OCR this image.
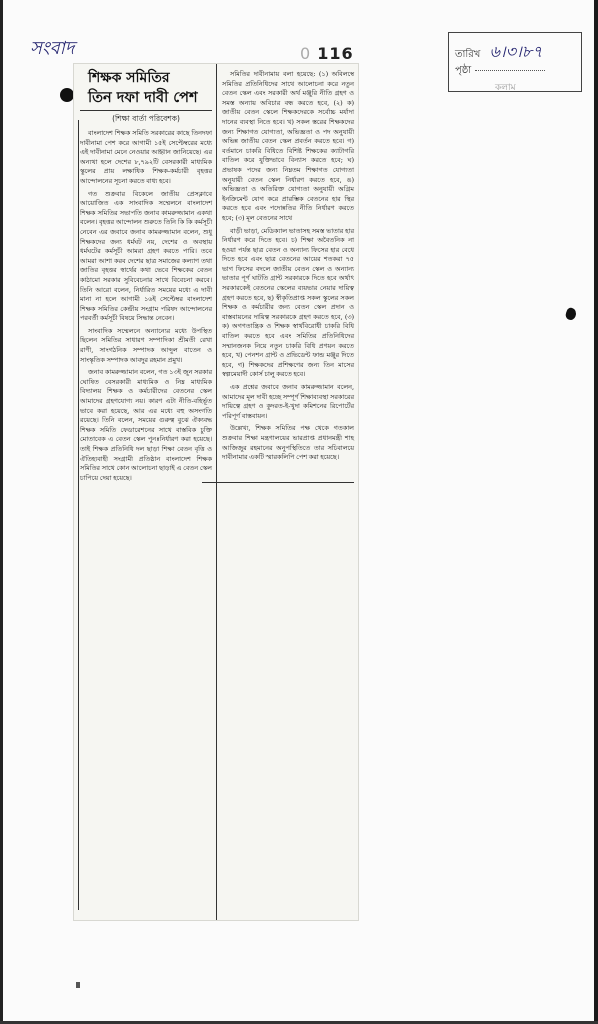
সংবাদ	0 116	তারিখ ৬।৩।৮৭
পৃষ্ঠা কলাম
শিক্ষক সমিতির
তিন দফা দাবী পেশ
(শিক্ষা বার্তা পরিবেশক)

বাংলাদেশ শিক্ষক সমিতি সরকারের কাছে তিনদফা দাবীনামা পেশ করে আগামী ১৫ই সেপ্টেম্বরের মধ্যে এই দাবীনামা মেনে নেওয়ার আহ্বান জানিয়েছে। এর অন্যথা হলে দেশের ৮,৭৯২টি বেসরকারী মাধ্যমিক স্কুলের প্রায় লক্ষাধিক শিক্ষক-কর্মচারী বৃহত্তর আন্দোলনের সূচনা করতে বাধ্য হবে।

গত শুক্রবার বিকেলে জাতীয় প্রেসক্লাবে আয়োজিত এক সাংবাদিক সম্মেলনে বাংলাদেশ শিক্ষক সমিতির সভাপতি জনাব কামরুজ্জামান একথা বলেন। বৃহত্তর আন্দোলন শুরুতে তিনি কি কি কর্মসূচী নেবেন এর জবাবে জনাব কামরুজ্জামান বলেন, শুধু শিক্ষকদের জন্য ধর্মঘট নয়, দেশের ও অবস্থায় ধর্মঘটের কর্মসূচী আমরা গ্রহণ করতে পারি। তবে আমরা আশা করব দেশের ছাত্র সমাজের কল্যাণ তথা জাতির বৃহত্তর স্বার্থের কথা ভেবে শিক্ষকের বেতন কাঠামো সরকার সুবিবেচনার সাথে বিবেচনা করবে। তিনি আরো বলেন, নির্ধারিত সময়ের মধ্যে এ দাবী মানা না হলে আগামী ১৬ই সেপ্টেম্বর বাংলাদেশ শিক্ষক সমিতির কেন্দ্রীয় সংগ্রাম পরিষদ আন্দোলনের পরবর্তী কর্মসূচী বিষয়ে সিদ্ধান্ত নেবেন।

সাংবাদিক সম্মেলনে অন্যান্যের মধ্যে উপস্থিত ছিলেন সমিতির সাধারণ সম্পাদিকা শ্রীমতী রেখা রাণী, সাংগঠনিক সম্পাদক আব্দুল বাতেন ও সাংস্কৃতিক সম্পাদক আবদুর রহমান প্রমুখ।

জনাব কামরুজ্জামান বলেন, গত ১৩ই জুন সরকার ঘোষিত বেসরকারী মাধ্যমিক ও নিম্ন মাধ্যমিক বিদ্যালয় শিক্ষক ও কর্মচারীদের বেতনের স্কেল আমাদের গ্রহণযোগ্য নয়। কারণ এটা নীতি-বহির্ভূত ভাবে করা হয়েছে, আর এর মধ্যে বহু অসংগতি রয়েছে। তিনি বলেন, সময়ের গুরুত্ব বুঝে ঐক্যবদ্ধ শিক্ষক সমিতি ফেডারেশনের সাথে বাস্তবিক চুক্তি মোতাবেক এ বেতন স্কেল পুনঃনির্ধারণ করা হয়েছে। তাই শিক্ষক প্রতিনিধি দল ছাড়া শিক্ষা বেতন বৃত্তি ও ঐতিহ্যবাহী সংগ্রামী প্রতিষ্ঠান বাংলাদেশ শিক্ষক সমিতির সাথে কোন আলোচনা ছাড়াই এ বেতন স্কেল চাপিয়ে দেয়া হয়েছে।

সমিতির দাবীনামায় বলা হয়েছে: (১) অবিলম্বে সমিতির প্রতিনিধিদের সাথে আলোচনা করে নতুন বেতন স্কেল এবং সরকারী অর্থ মঞ্জুরি নীতি গ্রহণ ও সমস্ত অন্যায় অবিচার বন্ধ করতে হবে, (২) ক) জাতীয় বেতন স্কেলে শিক্ষকদেরকে সর্বোচ্চ মর্যাদা দানের ব্যবস্থা নিতে হবে। খ) সকল স্তরের শিক্ষকদের জন্য শিক্ষাগত যোগ্যতা, অভিজ্ঞতা ও পদ অনুযায়ী অভিন্ন জাতীয় বেতন স্কেল প্রবর্তন করতে হবে। গ) বর্তমানে চাকরি বিধিতে বিশিষ্ট শিক্ষকের ক্যাটাগরি বাতিল করে যুক্তিভাবে বিন্যাস করতে হবে; ঘ) প্রভাষক পদের জন্য নিম্নতম শিক্ষাগত যোগ্যতা অনুযায়ী বেতন স্কেল নির্ধারণ করতে হবে, ঙ) অভিজ্ঞতা ও অতিরিক্ত যোগ্যতা অনুযায়ী অগ্রিম ইনক্রিমেন্ট যোগ করে প্রারম্ভিক বেতনের হার স্থির করতে হবে এবং পদোন্নতির নীতি নির্ধারণ করতে হবে; (৩) মূল বেতনের সাথে

বাড়ী ভাড়া, মেডিক্যাল ভাতাসহ সমস্ত ভাতার হার নির্ধারণ করে দিতে হবে। চ) শিক্ষা অবৈতনিক না হওয়া পর্যন্ত ছাত্র বেতন ও অন্যান্য ফিসের হার বেধে দিতে হবে এবং ছাত্র বেতনের আয়ের শতকরা ৭৫ ভাগ ফিসের বদলে জাতীয় বেতন স্কেল ও অন্যান্য ভাতার পূর্ণ ঘাটতি গ্রান্ট সরকারকে দিতে হবে অর্থাৎ সরকারকেই বেতনের স্কেলের ব্যয়ভার নেয়ার দায়িত্ব গ্রহণ করতে হবে, ছ) স্বীকৃতিপ্রাপ্ত সকল স্কুলের সকল শিক্ষক ও কর্মচারীর জন্য বেতন স্কেল প্রদান ও বাস্তবায়নের দায়িত্ব সরকারকে গ্রহণ করতে হবে, (৩) ক) অগণতান্ত্রিক ও শিক্ষক স্বার্থবিরোধী চাকরি বিধি বাতিল করতে হবে এবং সমিতির প্রতিনিধিদের সম্মানজনক নিয়ে নতুন চাকরি বিধি প্রণয়ন করতে হবে, খ) পেনশন গ্রান্ট ও প্রভিডেন্ট ফান্ড মঞ্জুর দিতে হবে, গ) শিক্ষকদের প্রশিক্ষণের জন্য তিন মাসের স্বল্পমেয়াদী কোর্স চালু করতে হবে।

এক প্রশ্নের জবাবে জনাব কামরুজ্জামান বলেন, আমাদের মূল দাবী হচ্ছে সম্পূর্ণ শিক্ষাব্যবস্থা সরকারের দায়িত্বে গ্রহণ ও কুদরত-ই-খুদা কমিশনের রিপোর্টের পরিপূর্ণ বাস্তবায়ন।

উল্লেখ্য, শিক্ষক সমিতির পক্ষ থেকে গতকাল শুক্রবার শিক্ষা মন্ত্রণালয়ের ভারপ্রাপ্ত প্রধানমন্ত্রী শাহ আজিজুর রহমানের অনুপস্থিতিতে তার সচিবালয়ে দাবীনামার একটি স্মারকলিপি পেশ করা হয়েছে।
